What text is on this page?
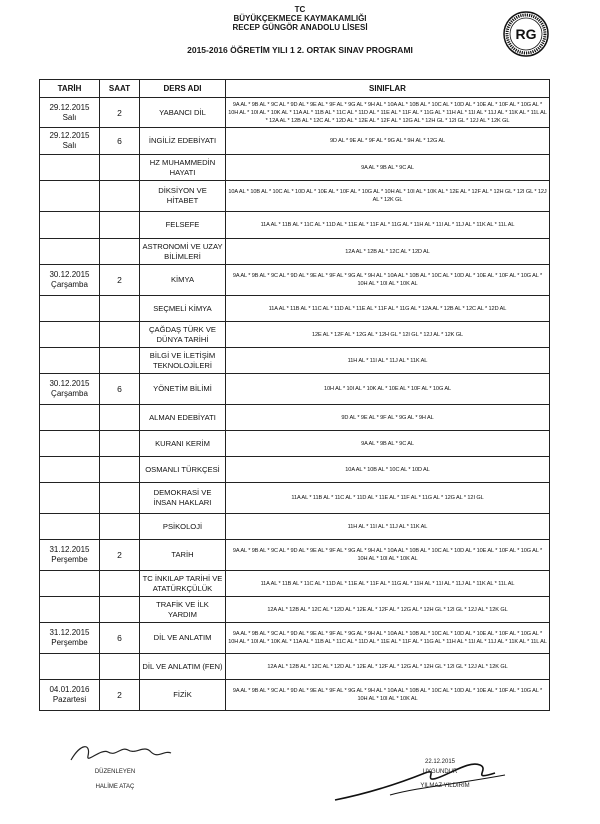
TC
BÜYÜKÇEKMECE KAYMAKAMLIĞI
RECEP GÜNGÖR ANADOLU LİSESİ
2015-2016 ÖĞRETİM YILI 1 2. ORTAK SINAV PROGRAMI
RG
TARİH	SAAT	DERS ADI	SINIFLAR

29.12.2015
Salı	2	YABANCI DİL	9A AL * 9B AL * 9C AL * 9D AL * 9E AL * 9F AL * 9G AL * 9H AL * 10A AL * 10B AL * 10C AL * 10D AL * 10E AL * 10F AL * 10G AL * 10H AL * 10I AL * 10K AL * 11A AL * 11B AL * 11C AL * 11D AL * 11E AL * 11F AL * 11G AL * 11H AL * 11I AL * 11J AL * 11K AL * 11L AL * 12A AL * 12B AL * 12C AL * 12D AL * 12E AL * 12F AL * 12G AL * 12H GL * 12I GL * 12J AL * 12K GL

29.12.2015
Salı	6	İNGİLİZ EDEBİYATI	9D AL * 9E AL * 9F AL * 9G AL * 9H AL * 12G AL

		HZ MUHAMMEDİN HAYATI	9A AL * 9B AL * 9C AL

		DİKSİYON VE HİTABET	10A AL * 10B AL * 10C AL * 10D AL * 10E AL * 10F AL * 10G AL * 10H AL * 10I AL * 10K AL * 12E AL * 12F AL * 12H GL * 12I GL * 12J AL * 12K GL

		FELSEFE	11A AL * 11B AL * 11C AL * 11D AL * 11E AL * 11F AL * 11G AL * 11H AL * 11I AL * 11J AL * 11K AL * 11L AL

		ASTRONOMİ VE UZAY BİLİMLERİ	12A AL * 12B AL * 12C AL * 12D AL

30.12.2015
Çarşamba	2	KİMYA	9A AL * 9B AL * 9C AL * 9D AL * 9E AL * 9F AL * 9G AL * 9H AL * 10A AL * 10B AL * 10C AL * 10D AL * 10E AL * 10F AL * 10G AL * 10H AL * 10I AL * 10K AL

		SEÇMELİ KİMYA	11A AL * 11B AL * 11C AL * 11D AL * 11E AL * 11F AL * 11G AL * 12A AL * 12B AL * 12C AL * 12D AL

		ÇAĞDAŞ TÜRK VE DÜNYA TARİHİ	12E AL * 12F AL * 12G AL * 12H GL * 12I GL * 12J AL * 12K GL

		BİLGİ VE İLETİŞİM TEKNOLOJİLERİ	11H AL * 11I AL * 11J AL * 11K AL

30.12.2015
Çarşamba	6	YÖNETİM BİLİMİ	10H AL * 10I AL * 10K AL * 10E AL * 10F AL * 10G AL

		ALMAN EDEBİYATI	9D AL * 9E AL * 9F AL * 9G AL * 9H AL

		KURANI KERİM	9A AL * 9B AL * 9C AL

		OSMANLI TÜRKÇESİ	10A AL * 10B AL * 10C AL * 10D AL

		DEMOKRASİ VE İNSAN HAKLARI	11A AL * 11B AL * 11C AL * 11D AL * 11E AL * 11F AL * 11G AL * 12G AL * 12I GL

		PSİKOLOJİ	11H AL * 11I AL * 11J AL * 11K AL

31.12.2015
Perşembe	2	TARİH	9A AL * 9B AL * 9C AL * 9D AL * 9E AL * 9F AL * 9G AL * 9H AL * 10A AL * 10B AL * 10C AL * 10D AL * 10E AL * 10F AL * 10G AL * 10H AL * 10I AL * 10K AL

		TC İNKILAP TARİHİ VE ATATÜRKÇÜLÜK	11A AL * 11B AL * 11C AL * 11D AL * 11E AL * 11F AL * 11G AL * 11H AL * 11I AL * 11J AL * 11K AL * 11L AL

		TRAFİK VE İLK YARDIM	12A AL * 12B AL * 12C AL * 12D AL * 12E AL * 12F AL * 12G AL * 12H GL * 12I GL * 12J AL * 12K GL

31.12.2015
Perşembe	6	DİL VE ANLATIM	9A AL * 9B AL * 9C AL * 9D AL * 9E AL * 9F AL * 9G AL * 9H AL * 10A AL * 10B AL * 10C AL * 10D AL * 10E AL * 10F AL * 10G AL * 10H AL * 10I AL * 10K AL * 11A AL * 11B AL * 11C AL * 11D AL * 11E AL * 11F AL * 11G AL * 11H AL * 11I AL * 11J AL * 11K AL * 11L AL

		DİL VE ANLATIM (FEN)	12A AL * 12B AL * 12C AL * 12D AL * 12E AL * 12F AL * 12G AL * 12H GL * 12I GL * 12J AL * 12K GL

04.01.2016
Pazartesi	2	FİZİK	9A AL * 9B AL * 9C AL * 9D AL * 9E AL * 9F AL * 9G AL * 9H AL * 10A AL * 10B AL * 10C AL * 10D AL * 10E AL * 10F AL * 10G AL * 10H AL * 10I AL * 10K AL
DÜZENLEYEN
HALİME ATAÇ
22.12.2015
UYGUNDUR
YILMAZ YILDIRIM
